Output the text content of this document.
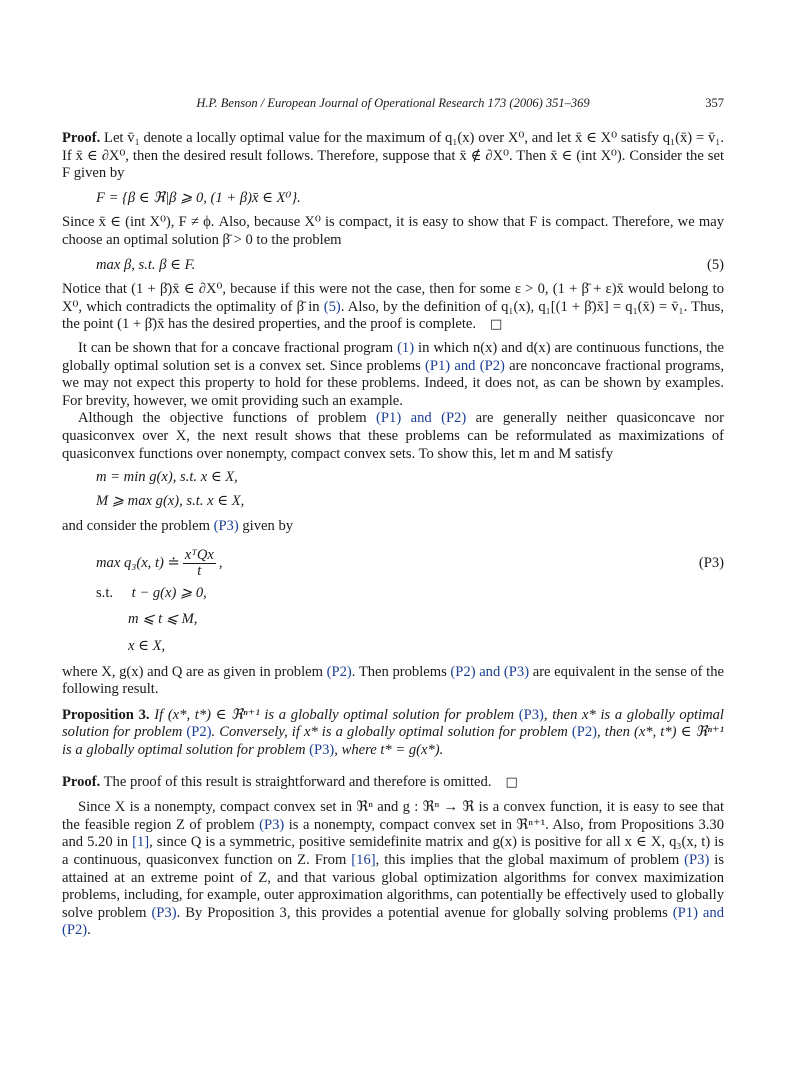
H.P. Benson / European Journal of Operational Research 173 (2006) 351–369	357

Proof. Let v̄₁ denote a locally optimal value for the maximum of q₁(x) over X⁰, and let x̄ ∈ X⁰ satisfy q₁(x̄) = v̄₁. If x̄ ∈ ∂X⁰, then the desired result follows. Therefore, suppose that x̄ ∉ ∂X⁰. Then x̄ ∈ (int X⁰). Consider the set F given by

F = {β ∈ ℜ|β ⩾ 0, (1 + β)x̄ ∈ X⁰}.

Since x̄ ∈ (int X⁰), F ≠ ϕ. Also, because X⁰ is compact, it is easy to show that F is compact. Therefore, we may choose an optimal solution β̄ > 0 to the problem

max β, s.t. β ∈ F.	(5)

Notice that (1 + β̄)x̄ ∈ ∂X⁰, because if this were not the case, then for some ε > 0, (1 + β̄ + ε)x̄ would belong to X⁰, which contradicts the optimality of β̄ in (5). Also, by the definition of q₁(x), q₁[(1 + β̄)x̄] = q₁(x̄) = v̄₁. Thus, the point (1 + β̄)x̄ has the desired properties, and the proof is complete. □

It can be shown that for a concave fractional program (1) in which n(x) and d(x) are continuous functions, the globally optimal solution set is a convex set. Since problems (P1) and (P2) are nonconcave fractional programs, we may not expect this property to hold for these problems. Indeed, it does not, as can be shown by examples. For brevity, however, we omit providing such an example.

Although the objective functions of problem (P1) and (P2) are generally neither quasiconcave nor quasiconvex over X, the next result shows that these problems can be reformulated as maximizations of quasiconvex functions over nonempty, compact convex sets. To show this, let m and M satisfy

m = min g(x), s.t. x ∈ X,
M ⩾ max g(x), s.t. x ∈ X,

and consider the problem (P3) given by

max q₃(x, t) ≐ $\frac{\text{xᵀQx}}{t}$ ,	(P3)
s.t. t − g(x) ⩾ 0,
m ⩽ t ⩽ M,
x ∈ X,

where X, g(x) and Q are as given in problem (P2). Then problems (P2) and (P3) are equivalent in the sense of the following result.

Proposition 3. If (x*, t*) ∈ ℜⁿ⁺¹ is a globally optimal solution for problem (P3), then x* is a globally optimal solution for problem (P2). Conversely, if x* is a globally optimal solution for problem (P2), then (x*, t*) ∈ ℜⁿ⁺¹ is a globally optimal solution for problem (P3), where t* = g(x*).

Proof. The proof of this result is straightforward and therefore is omitted. □

Since X is a nonempty, compact convex set in ℜⁿ and g : ℜⁿ → ℜ is a convex function, it is easy to see that the feasible region Z of problem (P3) is a nonempty, compact convex set in ℜⁿ⁺¹. Also, from Propositions 3.30 and 5.20 in [1], since Q is a symmetric, positive semidefinite matrix and g(x) is positive for all x ∈ X, q₃(x, t) is a continuous, quasiconvex function on Z. From [16], this implies that the global maximum of problem (P3) is attained at an extreme point of Z, and that various global optimization algorithms for convex maximization problems, including, for example, outer approximation algorithms, can potentially be effectively used to globally solve problem (P3). By Proposition 3, this provides a potential avenue for globally solving problems (P1) and (P2).
